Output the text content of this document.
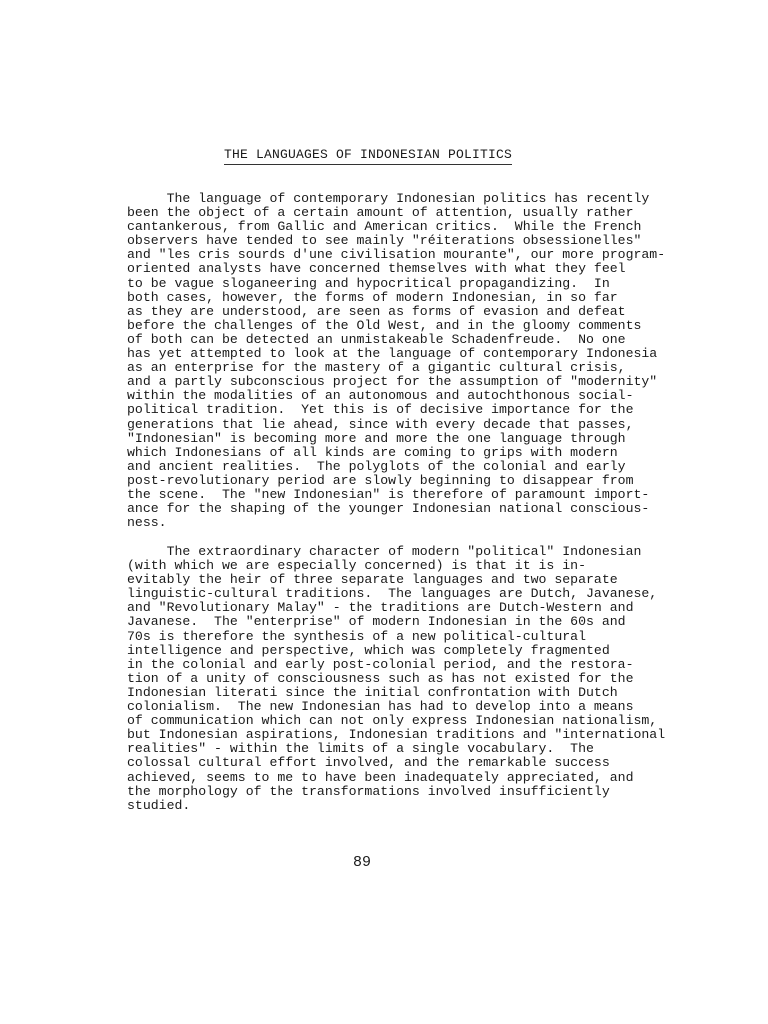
THE LANGUAGES OF INDONESIAN POLITICS
The language of contemporary Indonesian politics has recently
been the object of a certain amount of attention, usually rather
cantankerous, from Gallic and American critics.  While the French
observers have tended to see mainly "réiterations obsessionelles"
and "les cris sourds d'une civilisation mourante", our more program-
oriented analysts have concerned themselves with what they feel
to be vague sloganeering and hypocritical propagandizing.  In
both cases, however, the forms of modern Indonesian, in so far
as they are understood, are seen as forms of evasion and defeat
before the challenges of the Old West, and in the gloomy comments
of both can be detected an unmistakeable Schadenfreude.  No one
has yet attempted to look at the language of contemporary Indonesia
as an enterprise for the mastery of a gigantic cultural crisis,
and a partly subconscious project for the assumption of "modernity"
within the modalities of an autonomous and autochthonous social-
political tradition.  Yet this is of decisive importance for the
generations that lie ahead, since with every decade that passes,
"Indonesian" is becoming more and more the one language through
which Indonesians of all kinds are coming to grips with modern
and ancient realities.  The polyglots of the colonial and early
post-revolutionary period are slowly beginning to disappear from
the scene.  The "new Indonesian" is therefore of paramount import-
ance for the shaping of the younger Indonesian national conscious-
ness.
The extraordinary character of modern "political" Indonesian
(with which we are especially concerned) is that it is in-
evitably the heir of three separate languages and two separate
linguistic-cultural traditions.  The languages are Dutch, Javanese,
and "Revolutionary Malay" - the traditions are Dutch-Western and
Javanese.  The "enterprise" of modern Indonesian in the 60s and
70s is therefore the synthesis of a new political-cultural
intelligence and perspective, which was completely fragmented
in the colonial and early post-colonial period, and the restora-
tion of a unity of consciousness such as has not existed for the
Indonesian literati since the initial confrontation with Dutch
colonialism.  The new Indonesian has had to develop into a means
of communication which can not only express Indonesian nationalism,
but Indonesian aspirations, Indonesian traditions and "international
realities" - within the limits of a single vocabulary.  The
colossal cultural effort involved, and the remarkable success
achieved, seems to me to have been inadequately appreciated, and
the morphology of the transformations involved insufficiently
studied.
89
